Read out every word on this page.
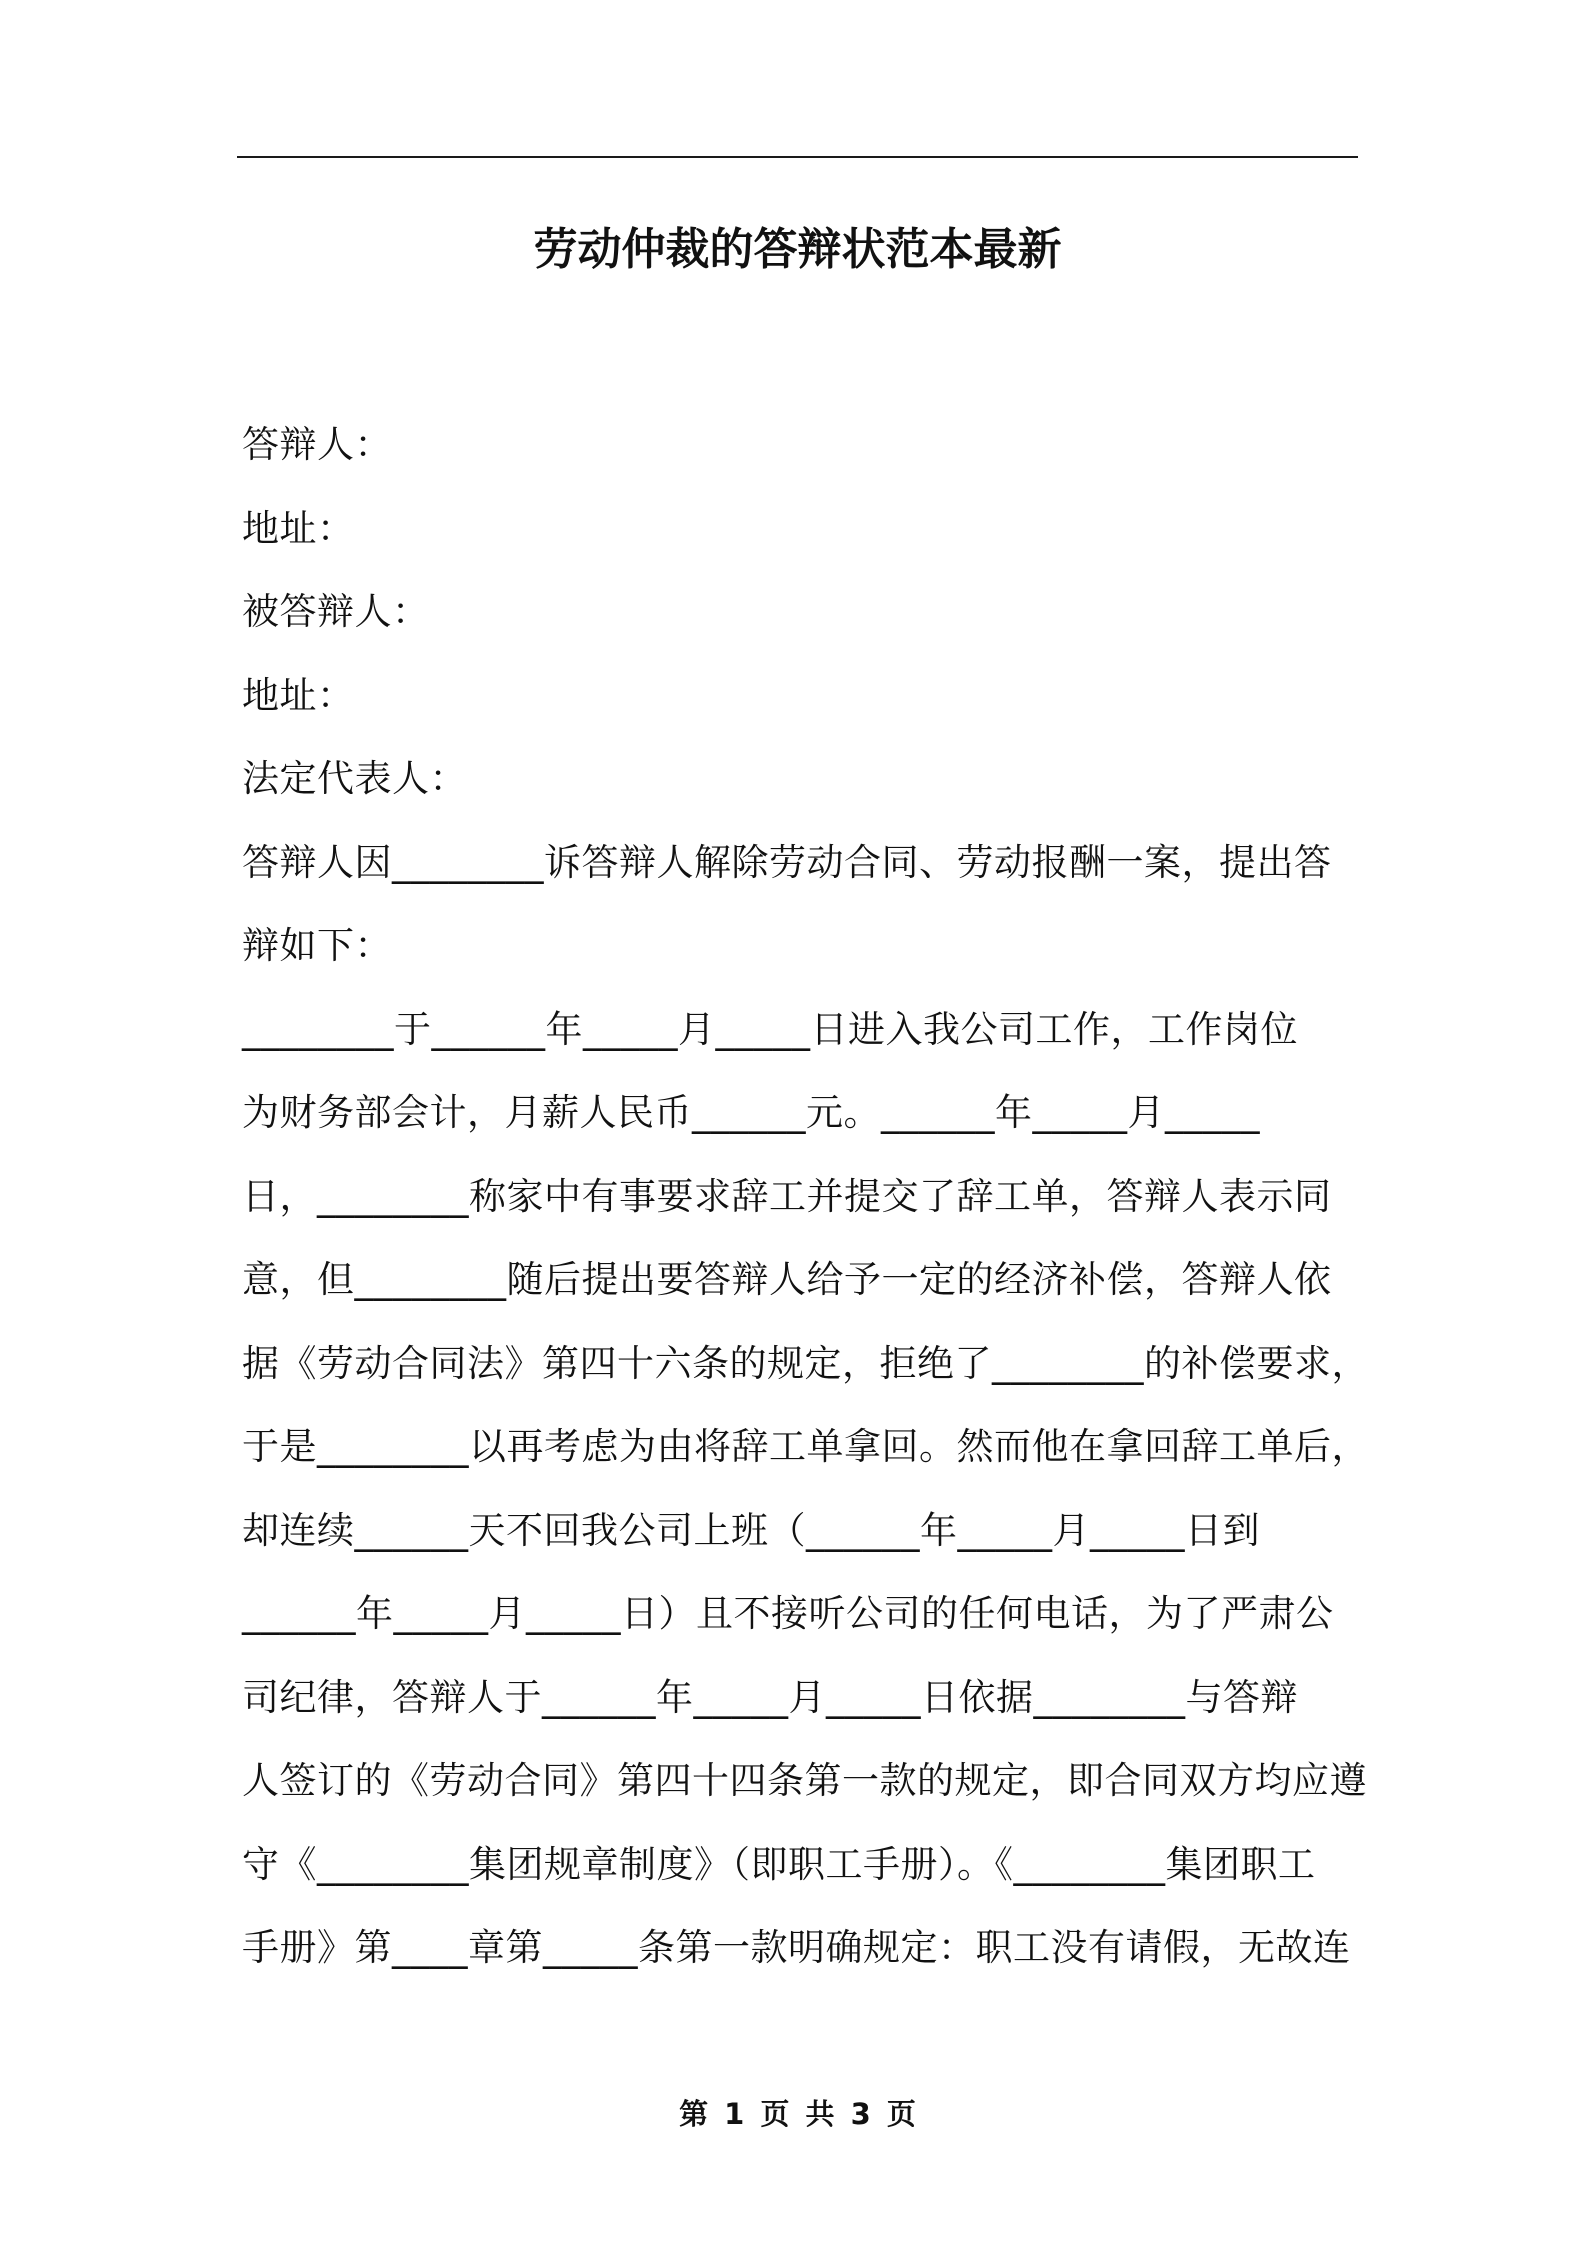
劳动仲裁的答辩状范本最新
答辩人：
地址：
被答辩人：
地址：
法定代表人：
答辩人因________诉答辩人解除劳动合同、劳动报酬一案，提出答
辩如下：
________于______年_____月_____日进入我公司工作，工作岗位
为财务部会计，月薪人民币______元。______年_____月_____
日，________称家中有事要求辞工并提交了辞工单，答辩人表示同
意，但________随后提出要答辩人给予一定的经济补偿，答辩人依
据《劳动合同法》第四十六条的规定，拒绝了________的补偿要求，
于是________以再考虑为由将辞工单拿回。然而他在拿回辞工单后，
却连续______天不回我公司上班（______年_____月_____日到
______年_____月_____日）且不接听公司的任何电话，为了严肃公
司纪律，答辩人于______年_____月_____日依据________与答辩
人签订的《劳动合同》第四十四条第一款的规定，即合同双方均应遵
守《________集团规章制度》（即职工手册）。《________集团职工
手册》第____章第_____条第一款明确规定：职工没有请假，无故连
第 1 页 共 3 页
